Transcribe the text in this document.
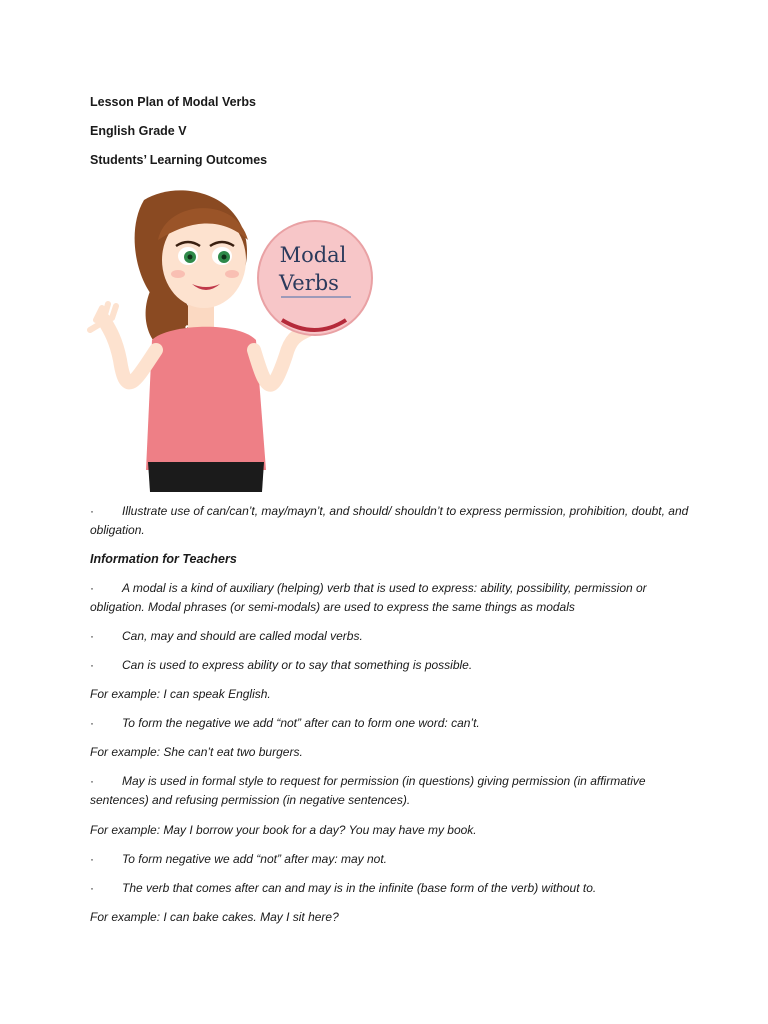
Lesson Plan of Modal Verbs

English Grade V

Students’ Learning Outcomes

Modal
Verbs

· Illustrate use of can/can’t, may/mayn’t, and should/ shouldn’t to express permission, prohibition, doubt, and obligation.

Information for Teachers

· A modal is a kind of auxiliary (helping) verb that is used to express: ability, possibility, permission or obligation. Modal phrases (or semi-modals) are used to express the same things as modals

· Can, may and should are called modal verbs.

· Can is used to express ability or to say that something is possible.

For example: I can speak English.

· To form the negative we add “not” after can to form one word: can’t.

For example: She can’t eat two burgers.

· May is used in formal style to request for permission (in questions) giving permission (in affirmative sentences) and refusing permission (in negative sentences).

For example: May I borrow your book for a day? You may have my book.

· To form negative we add “not” after may: may not.

· The verb that comes after can and may is in the infinite (base form of the verb) without to.

For example: I can bake cakes. May I sit here?
